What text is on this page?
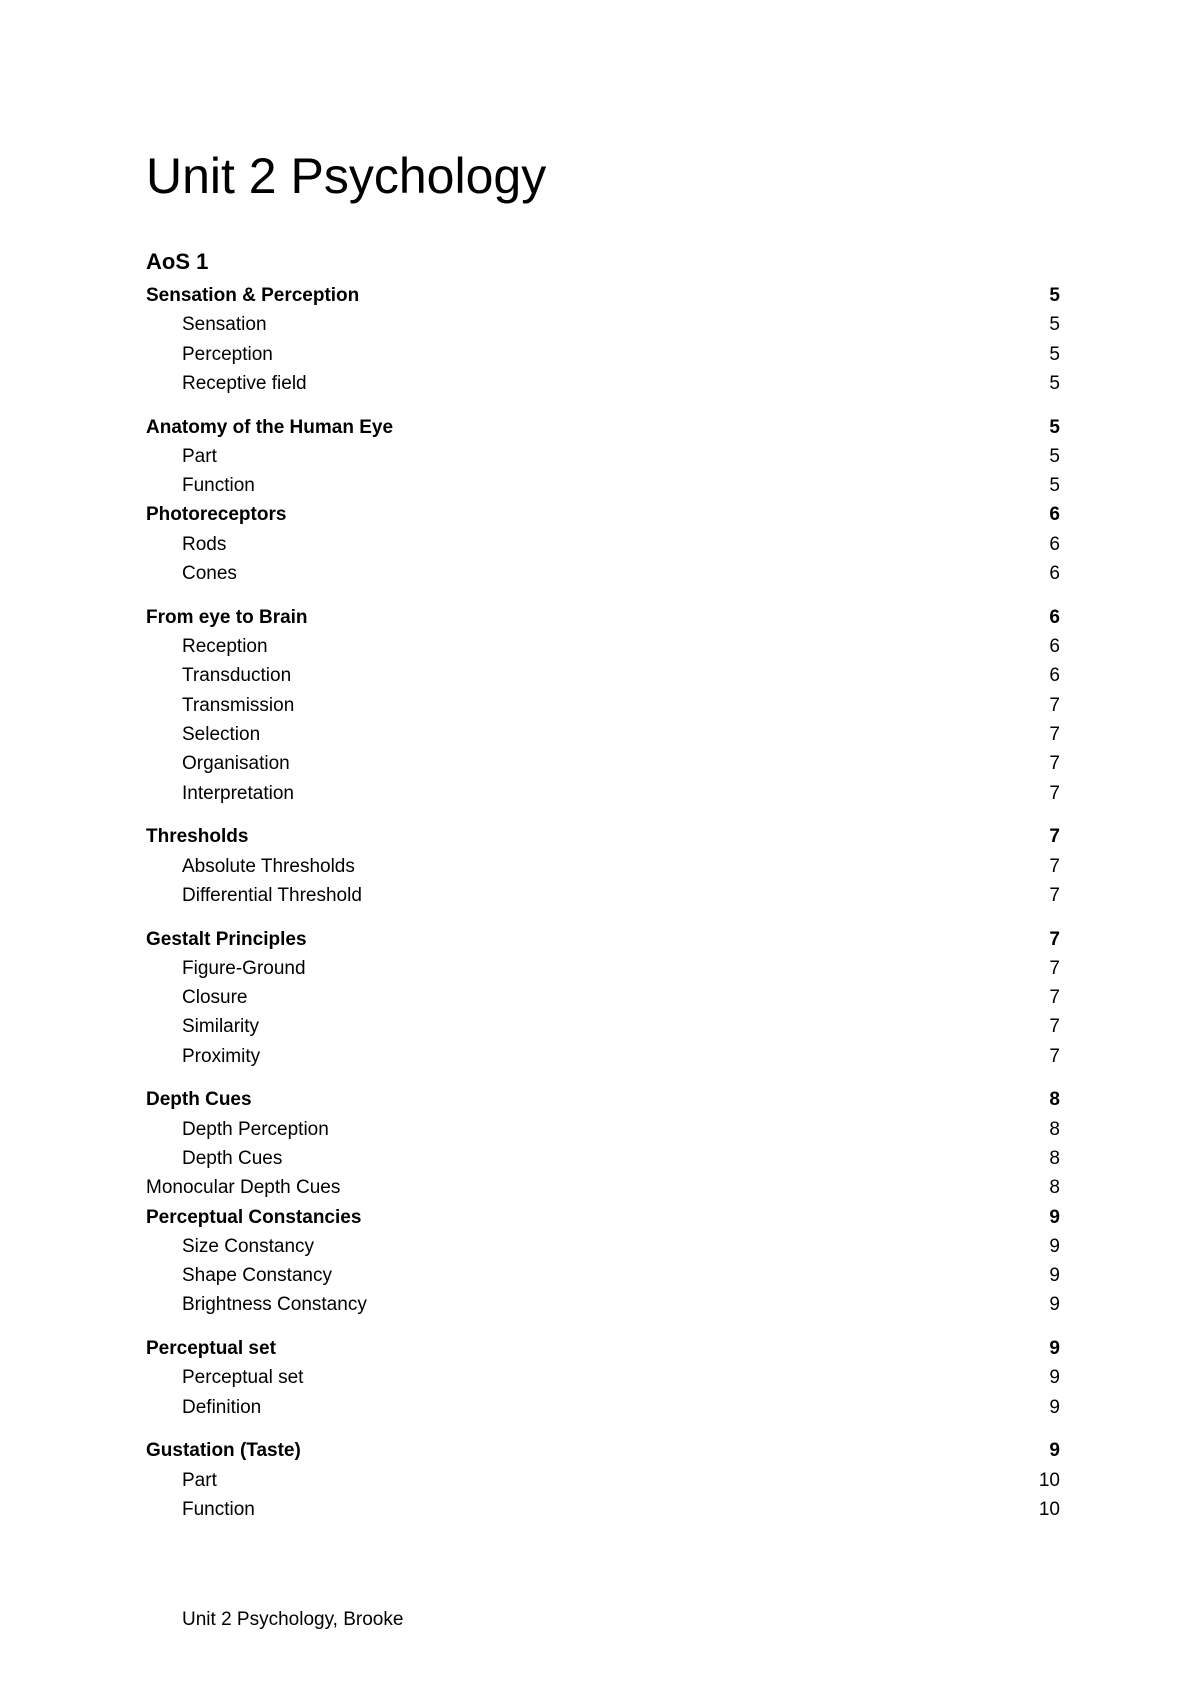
Unit 2 Psychology
AoS 1
Sensation & Perception	5
Sensation	5
Perception	5
Receptive field	5
Anatomy of the Human Eye	5
Part	5
Function	5
Photoreceptors	6
Rods	6
Cones	6
From eye to Brain	6
Reception	6
Transduction	6
Transmission	7
Selection	7
Organisation	7
Interpretation	7
Thresholds	7
Absolute Thresholds	7
Differential Threshold	7
Gestalt Principles	7
Figure-Ground	7
Closure	7
Similarity	7
Proximity	7
Depth Cues	8
Depth Perception	8
Depth Cues	8
Monocular Depth Cues	8
Perceptual Constancies	9
Size Constancy	9
Shape Constancy	9
Brightness Constancy	9
Perceptual set	9
Perceptual set	9
Definition	9
Gustation (Taste)	9
Part	10
Function	10
Unit 2 Psychology, Brooke
